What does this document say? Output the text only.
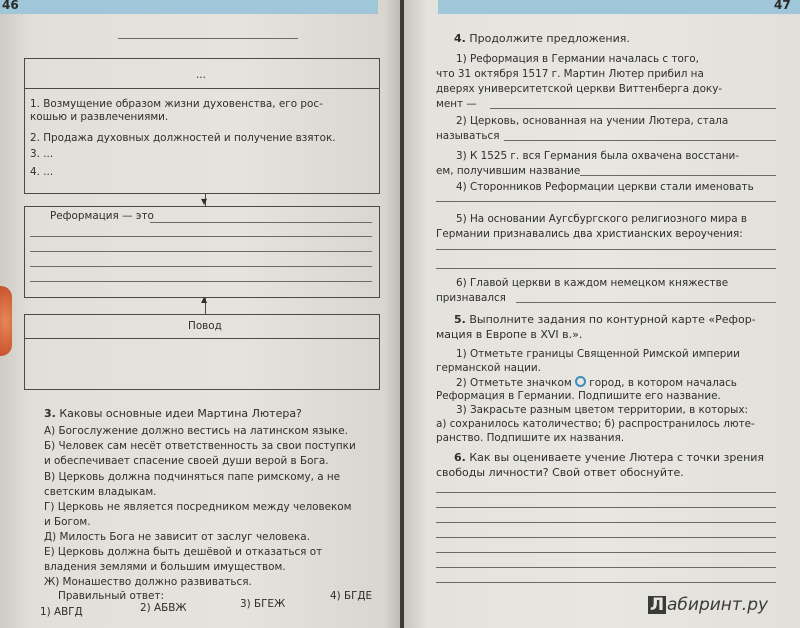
46
...
1. Возмущение образом жизни духовенства, его рос-
кошью и развлечениями.
2. Продажа духовных должностей и получение взяток.
3. ...
4. ...
▼
Реформация — это
▲
Повод
3. Каковы основные идеи Мартина Лютера?
А) Богослужение должно вестись на латинском языке.
Б) Человек сам несёт ответственность за свои поступки
и обеспечивает спасение своей души верой в Бога.
В) Церковь должна подчиняться папе римскому, а не
светским владыкам.
Г) Церковь не является посредником между человеком
и Богом.
Д) Милость Бога не зависит от заслуг человека.
Е) Церковь должна быть дешёвой и отказаться от
владения землями и большим имуществом.
Ж) Монашество должно развиваться.
Правильный ответ:
1) АВГД	2) АБВЖ	3) БГЕЖ
4) БГДЕ
47
4. Продолжите предложения.
1) Реформация в Германии началась с того,
что 31 октября 1517 г. Мартин Лютер прибил на
дверях университетской церкви Виттенберга доку-
мент —
2) Церковь, основанная на учении Лютера, стала
называться
3) К 1525 г. вся Германия была охвачена восстани-
ем, получившим название
4) Сторонников Реформации церкви стали именовать
5) На основании Аугсбургского религиозного мира в
Германии признавались два христианских вероучения:
6) Главой церкви в каждом немецком княжестве
признавался
5. Выполните задания по контурной карте «Рефор-
мация в Европе в XVI в.».
1) Отметьте границы Священной Римской империи
германской нации.
2) Отметьте значком город, в котором началась
Реформация в Германии. Подпишите его название.
3) Закрасьте разным цветом территории, в которых:
а) сохранилось католичество; б) распространилось люте-
ранство. Подпишите их названия.
6. Как вы оцениваете учение Лютера с точки зрения
свободы личности? Свой ответ обоснуйте.
Л абиринт.ру
